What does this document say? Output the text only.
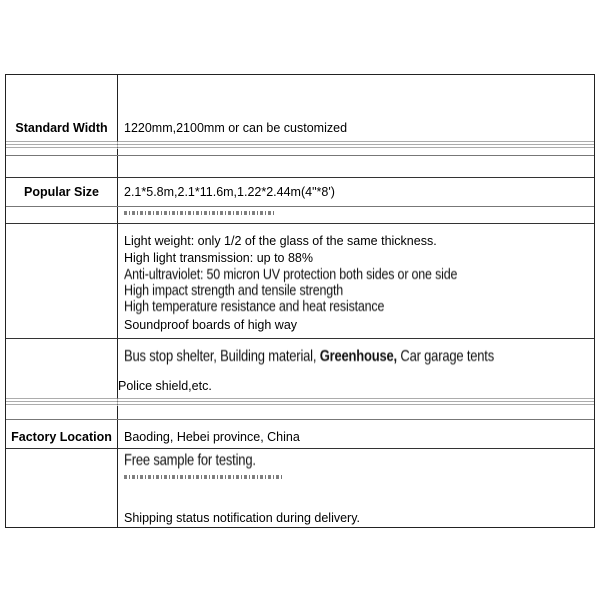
Standard Width	1220mm,2100mm or can be customized
Popular Size	2.1*5.8m,2.1*11.6m,1.22*2.44m(4"*8')
Light weight: only 1/2 of the glass of the same thickness.
High light transmission: up to 88%
Anti-ultraviolet: 50 micron UV protection both sides or one side
High impact strength and tensile strength
High temperature resistance and heat resistance
Soundproof boards of high way
Bus stop shelter, Building material, Greenhouse, Car garage tents
Police shield,etc.
Factory Location Baoding, Hebei province, China
Free sample for testing.
Shipping status notification during delivery.
